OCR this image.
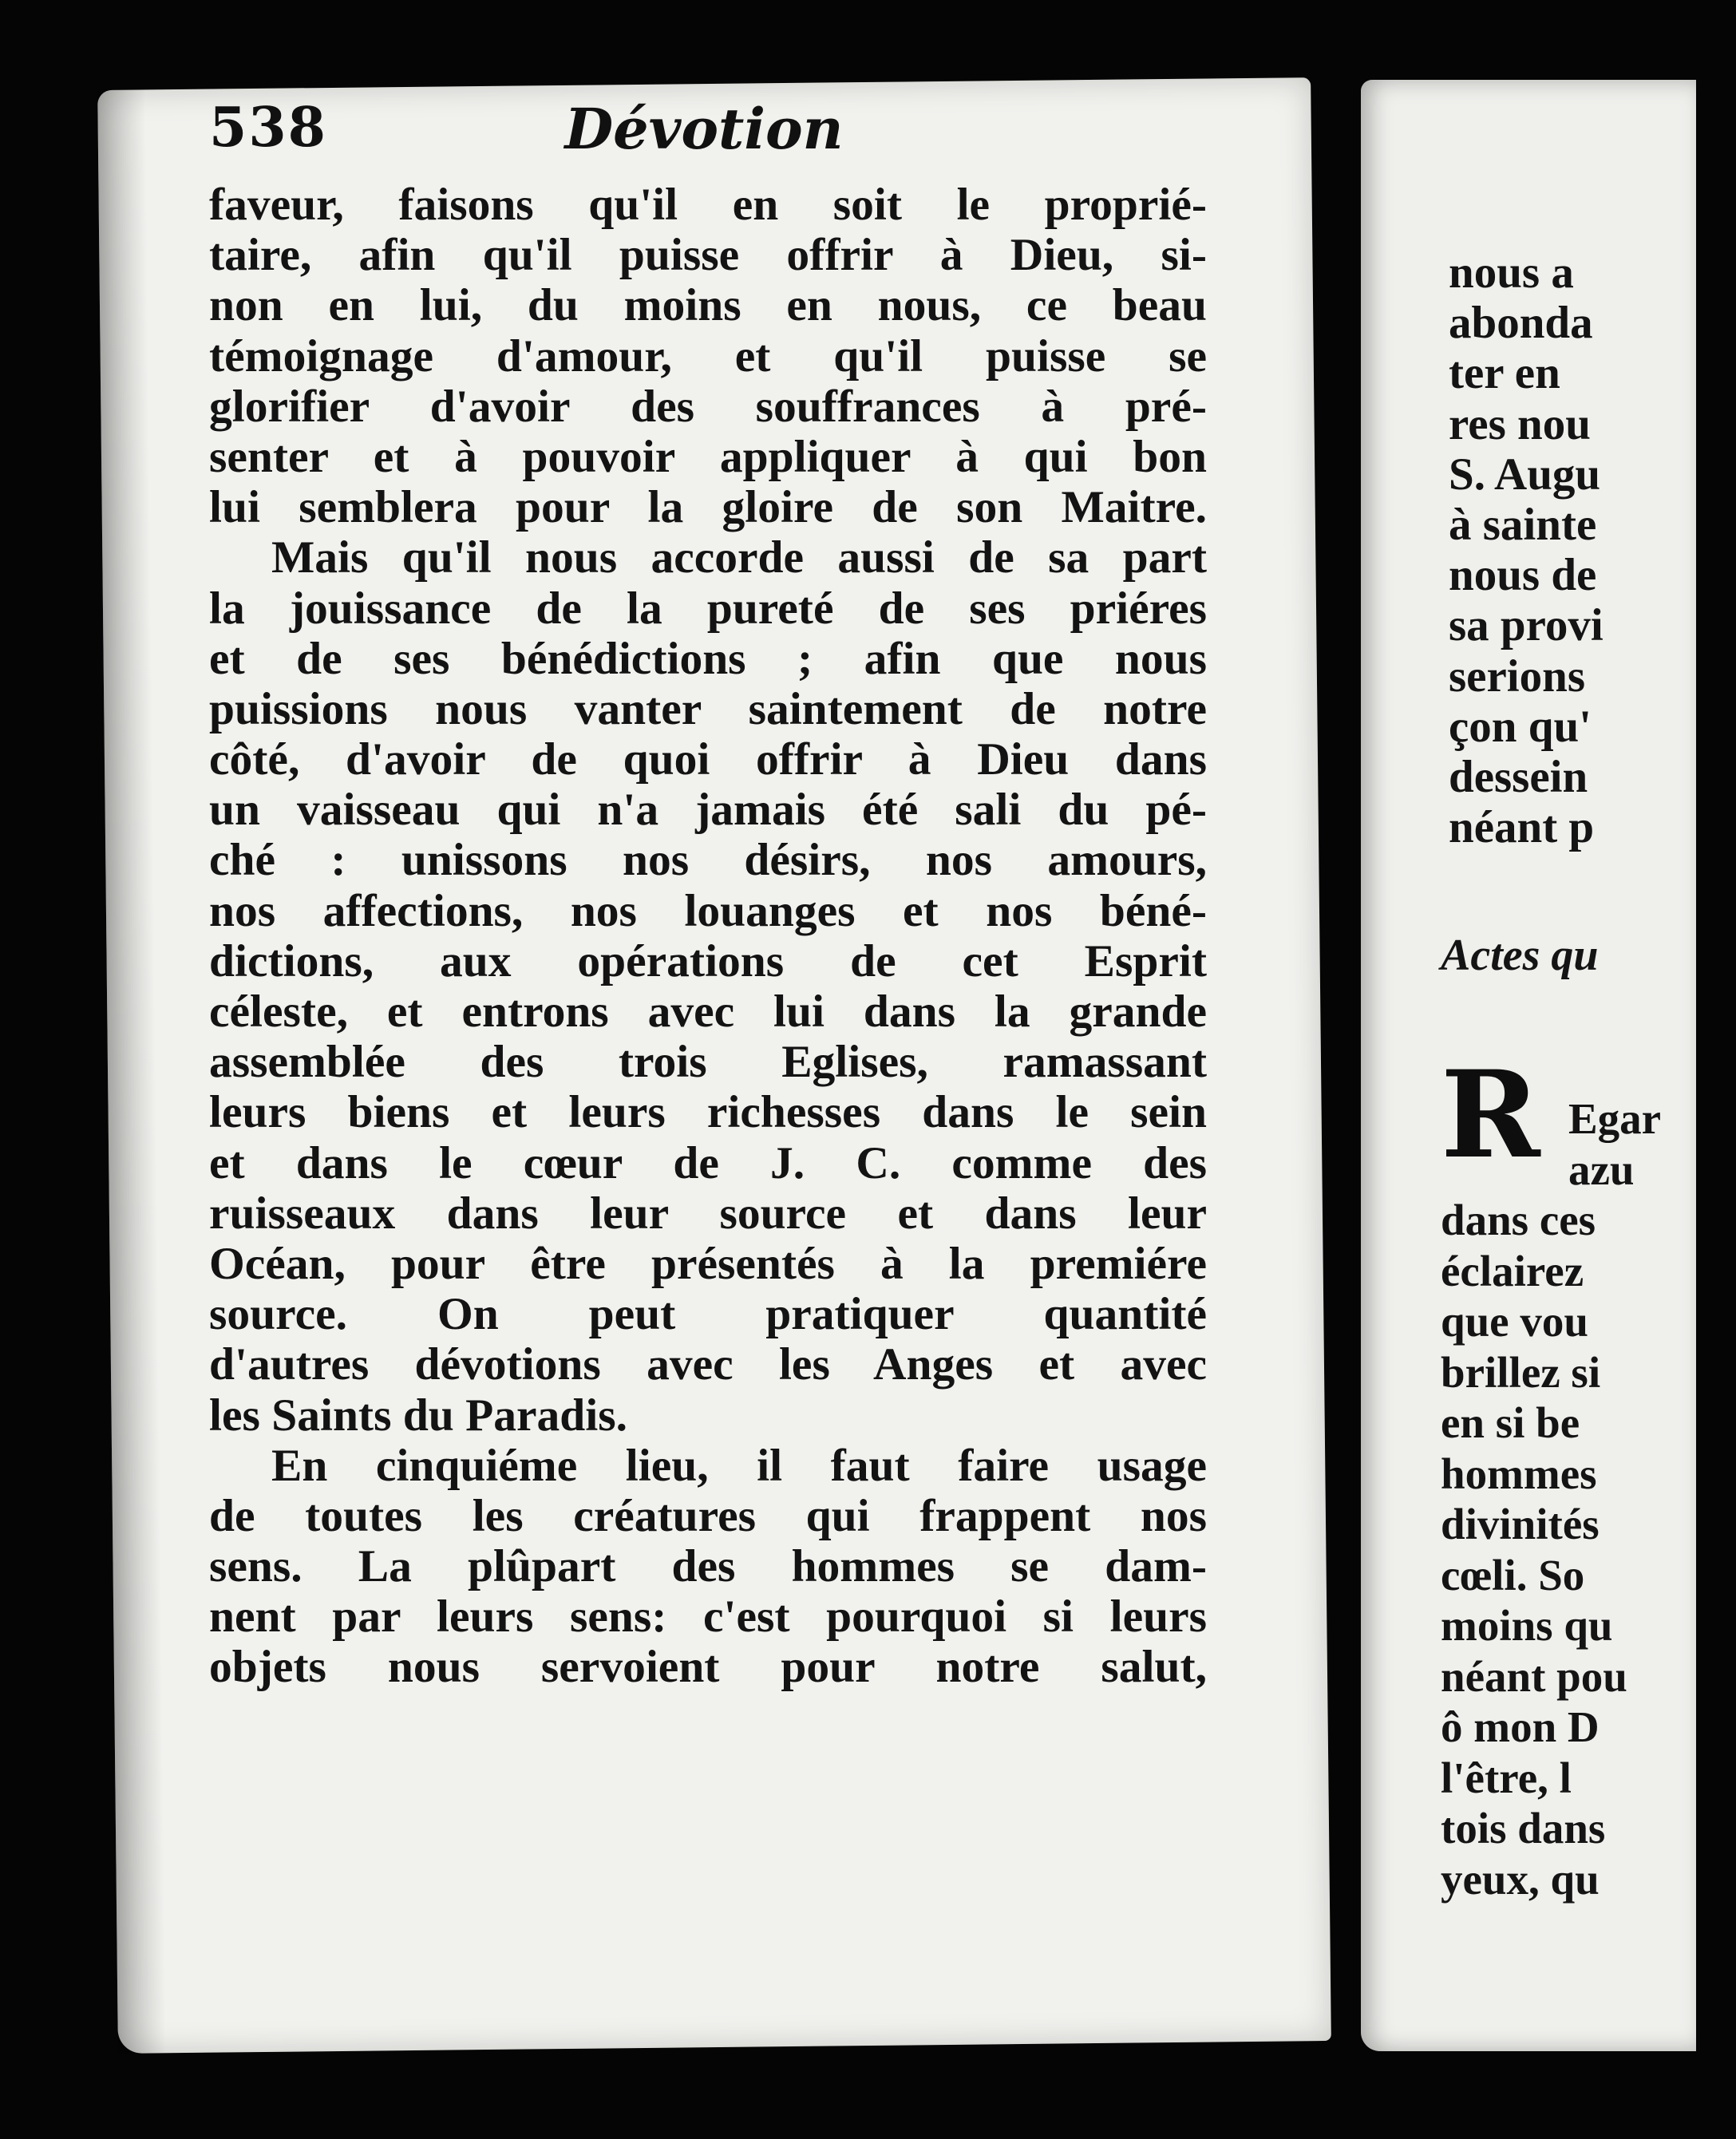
538	Dévotion
faveur, faisons qu'il en soit le proprié-
taire, afin qu'il puisse offrir à Dieu, si-
non en lui, du moins en nous, ce beau
témoignage d'amour, et qu'il puisse se
glorifier d'avoir des souffrances à pré-
senter et à pouvoir appliquer à qui bon
lui semblera pour la gloire de son Maitre.
Mais qu'il nous accorde aussi de sa part
la jouissance de la pureté de ses priéres
et de ses bénédictions ; afin que nous
puissions nous vanter saintement de notre
côté, d'avoir de quoi offrir à Dieu dans
un vaisseau qui n'a jamais été sali du pé-
ché : unissons nos désirs, nos amours,
nos affections, nos louanges et nos béné-
dictions, aux opérations de cet Esprit
céleste, et entrons avec lui dans la grande
assemblée des trois Eglises, ramassant
leurs biens et leurs richesses dans le sein
et dans le cœur de J. C. comme des
ruisseaux dans leur source et dans leur
Océan, pour être présentés à la premiére
source. On peut pratiquer quantité
d'autres dévotions avec les Anges et avec
les Saints du Paradis.
En cinquiéme lieu, il faut faire usage
de toutes les créatures qui frappent nos
sens. La plûpart des hommes se dam-
nent par leurs sens: c'est pourquoi si leurs
objets nous servoient pour notre salut,
nous a
abonda
ter en
res nou
S. Augu
à sainte
nous de
sa provi
serions
çon qu'
dessein
néant p
Actes qu
R Egar
azu
dans ces
éclairez
que vou
brillez si
en si be
hommes
divinités
cœli. So
moins qu
néant pou
ô mon D
l'être, l
tois dans
yeux, qu
